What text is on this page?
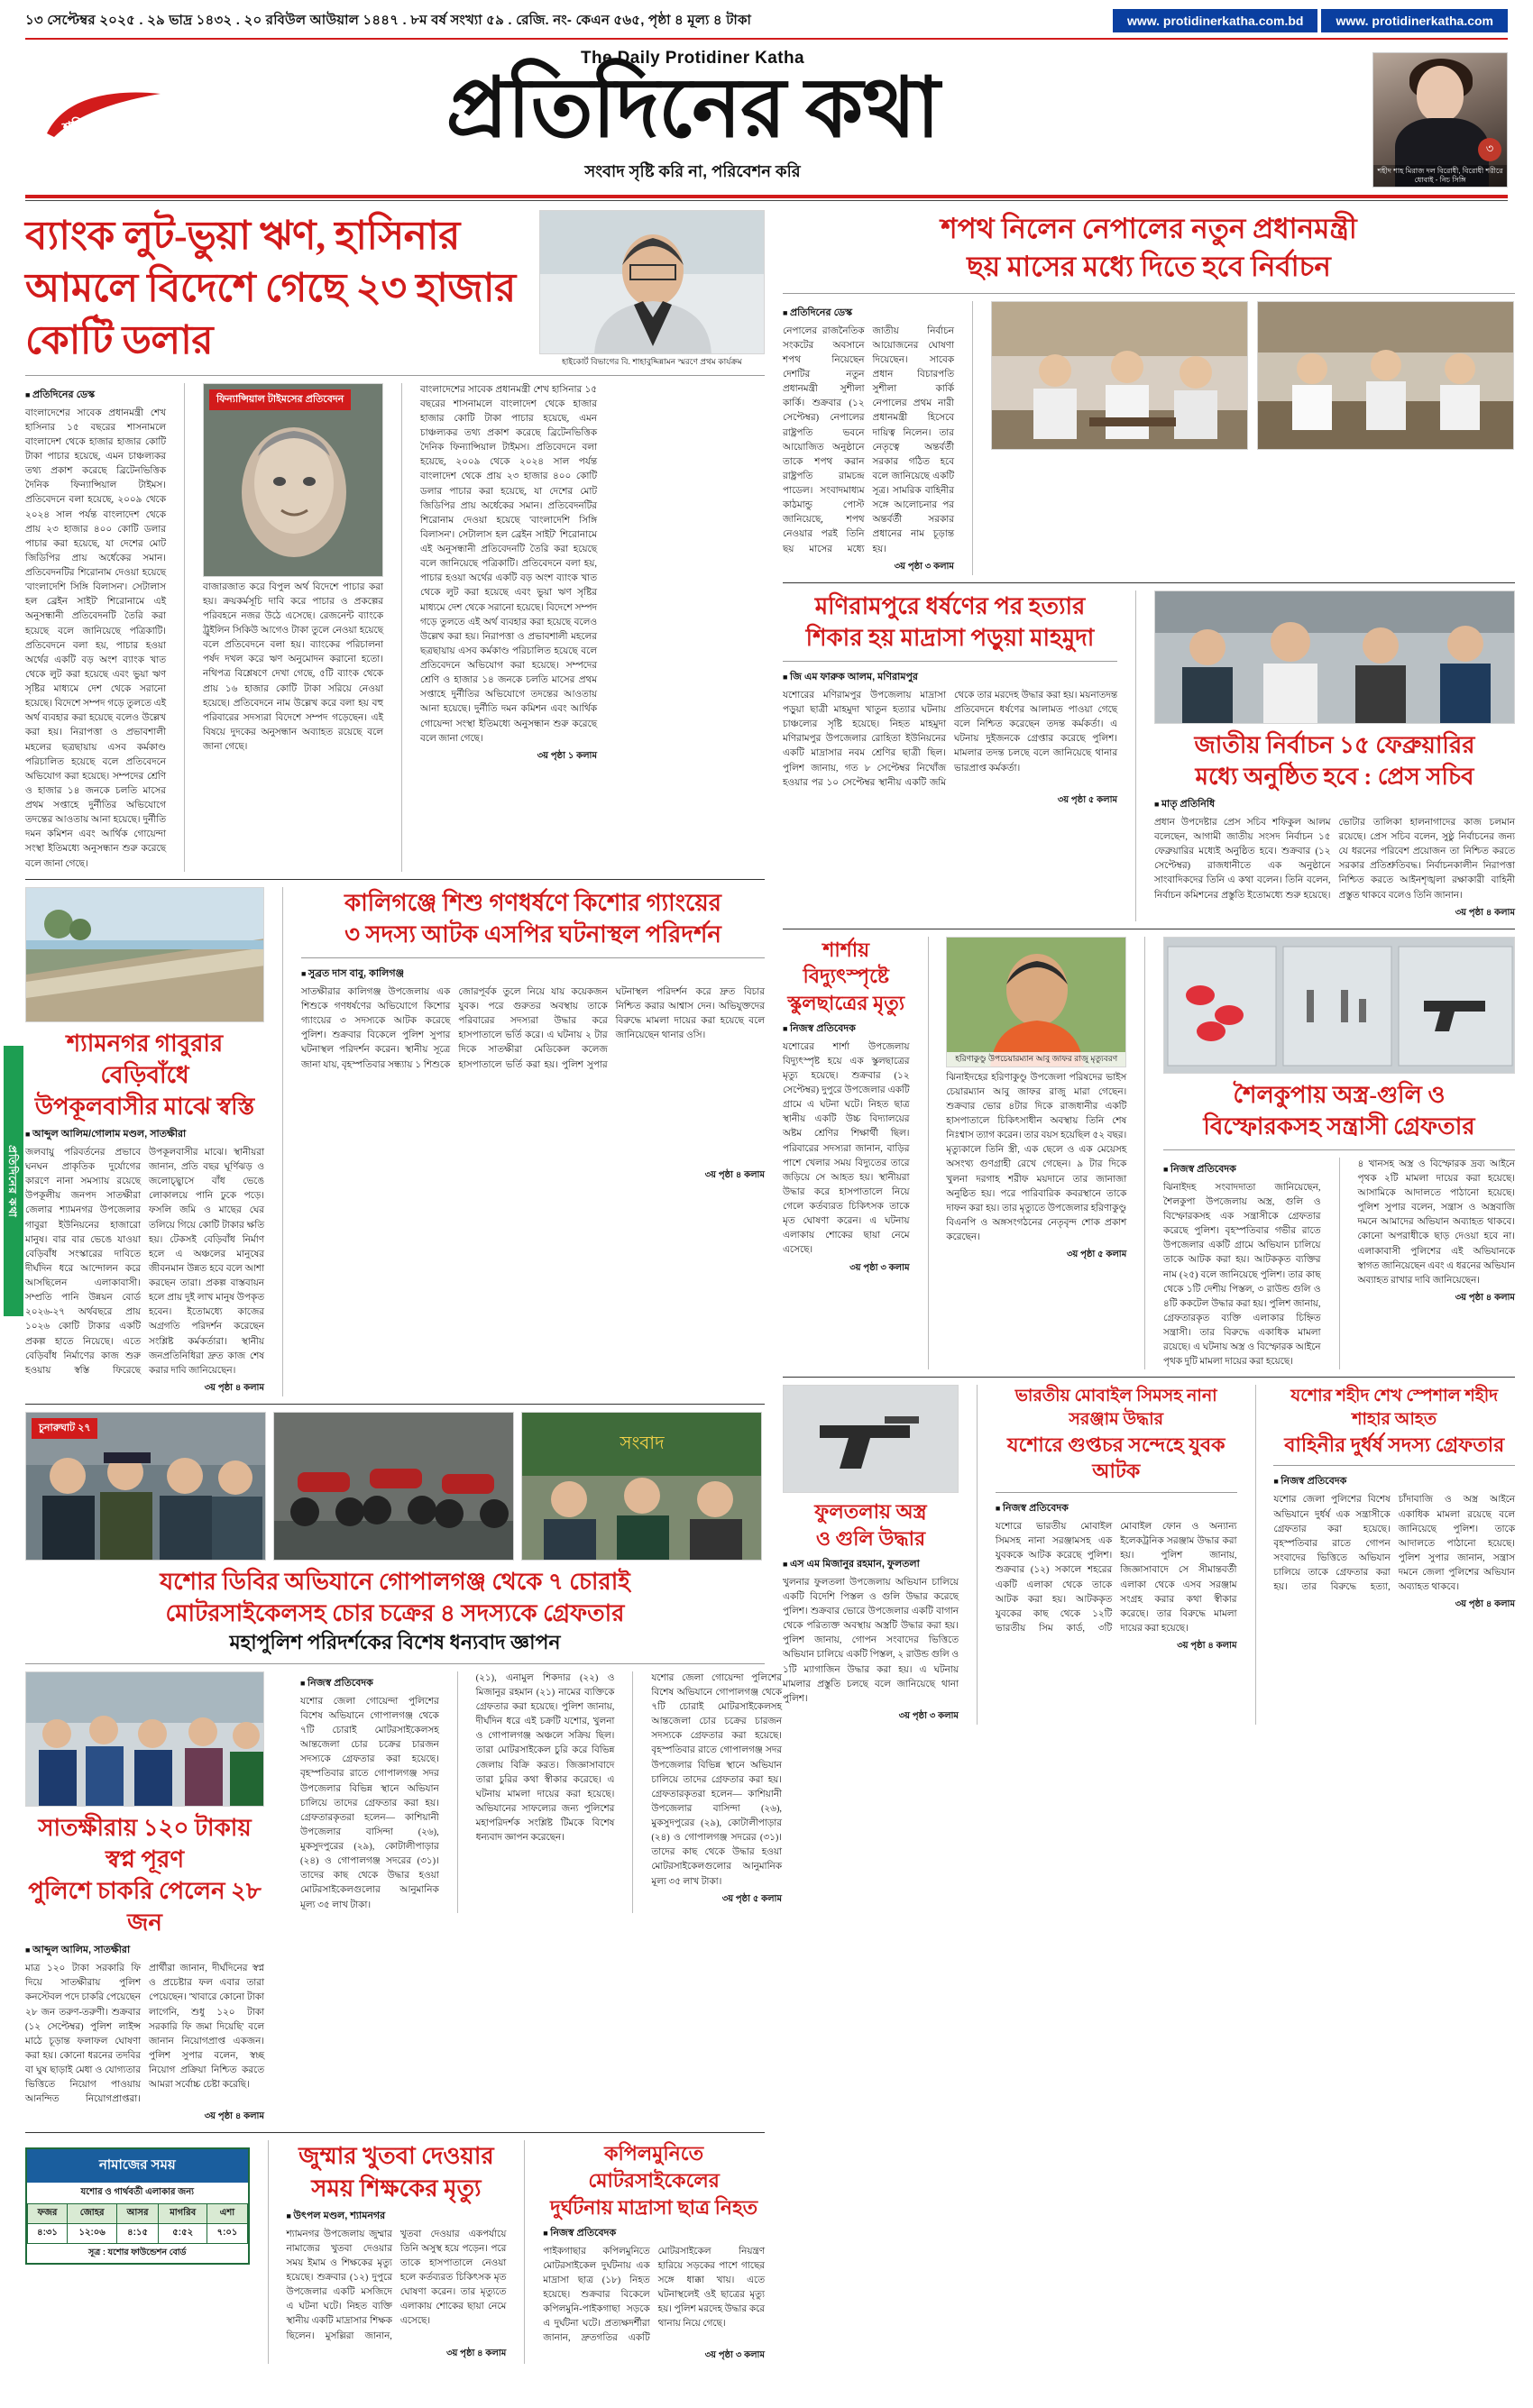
১৩ সেপ্টেম্বর ২০২৫ . ২৯ ভাদ্র ১৪৩২ . ২০ রবিউল আউয়াল ১৪৪৭ . ৮ম বর্ষ সংখ্যা ৫৯ . রেজি. নং- কেএন ৫৬৫, পৃষ্ঠা ৪ মূল্য ৪ টাকা	www. protidinerkatha.com.bd	www. protidinerkatha.com
The Daily Protidiner Katha
শনিবার	প্রতিদিনের কথা
সংবাদ সৃষ্টি করি না, পরিবেশন করি
৩
শহীদ শাহ মিরাজ দল বিরোধী, বিরোধী শরীরে ধোবাই - নিচ সিঙ্গি
প্রতিদিনের কথা
ব্যাংক লুট-ভুয়া ঋণ, হাসিনার আমলে বিদেশে গেছে ২৩ হাজার কোটি ডলার	হাইকোর্ট বিভাগের বি. শাহাবুদ্দিন্নামন স্মরণে প্রথম কার্যক্রম
■ প্রতিদিনের ডেস্ক
বাংলাদেশের সাবেক প্রধানমন্ত্রী শেখ হাসিনার ১৫ বছরের শাসনামলে বাংলাদেশ থেকে হাজার হাজার কোটি টাকা পাচার হয়েছে, এমন চাঞ্চল্যকর তথ্য প্রকাশ করেছে ব্রিটেনভিত্তিক দৈনিক ফিন্যান্সিয়াল টাইমস। প্রতিবেদনে বলা হয়েছে, ২০০৯ থেকে ২০২৪ সাল পর্যন্ত বাংলাদেশ থেকে প্রায় ২৩ হাজার ৪০০ কোটি ডলার পাচার করা হয়েছে, যা দেশের মোট জিডিপির প্রায় অর্ধেকের সমান। প্রতিবেদনটির শিরোনাম দেওয়া হয়েছে 'বাংলাদেশি সিঙ্গি বিলাসন'। সেটালাস হল ব্রেইন সাইট' শিরোনামে এই অনুসন্ধানী প্রতিবেদনটি তৈরি করা হয়েছে বলে জানিয়েছে পত্রিকাটি। প্রতিবেদনে বলা হয়, পাচার হওয়া অর্থের একটি বড় অংশ ব্যাংক খাত থেকে লুট করা হয়েছে এবং ভুয়া ঋণ সৃষ্টির মাধ্যমে দেশ থেকে সরানো হয়েছে। বিদেশে সম্পদ গড়ে তুলতে এই অর্থ ব্যবহার করা হয়েছে বলেও উল্লেখ করা হয়। নিরাপত্তা ও প্রভাবশালী মহলের ছত্রছায়ায় এসব কর্মকাণ্ড পরিচালিত হয়েছে বলে প্রতিবেদনে অভিযোগ করা হয়েছে। সম্পদের শ্রেণি ও হাজার ১৪ জনকে চলতি মাসের প্রথম সপ্তাহে দুর্নীতির অভিযোগে তদন্তের আওতায় আনা হয়েছে। দুর্নীতি দমন কমিশন এবং আর্থিক গোয়েন্দা সংস্থা ইতিমধ্যে অনুসন্ধান শুরু করেছে বলে জানা গেছে।
ফিন্যান্সিয়াল টাইমসের প্রতিবেদন
বাজারজাত করে বিপুল অর্থ বিদেশে পাচার করা হয়। ক্রয়কর্মসূচি দাবি করে পাচার ও প্রকল্পের পরিবহনে নজর উঠে এসেছে। রেজনেন্ট ব্যাংকে ট্রুইলিন সিকিউ আগেও টাকা তুলে নেওয়া হয়েছে বলে প্রতিবেদনে বলা হয়। ব্যাংকের পরিচালনা পর্ষদ দখল করে ঋণ অনুমোদন করানো হতো। নথিপত্র বিশ্লেষণে দেখা গেছে, ৫টি ব্যাংক থেকে প্রায় ১৬ হাজার কোটি টাকা সরিয়ে নেওয়া হয়েছে। প্রতিবেদনে নাম উল্লেখ করে বলা হয় বহু পরিবারের সদস্যরা বিদেশে সম্পদ গড়েছেন। এই বিষয়ে দুদকের অনুসন্ধান অব্যাহত রয়েছে বলে জানা গেছে।
বাংলাদেশের সাবেক প্রধানমন্ত্রী শেখ হাসিনার ১৫ বছরের শাসনামলে বাংলাদেশ থেকে হাজার হাজার কোটি টাকা পাচার হয়েছে, এমন চাঞ্চল্যকর তথ্য প্রকাশ করেছে ব্রিটেনভিত্তিক দৈনিক ফিন্যান্সিয়াল টাইমস। প্রতিবেদনে বলা হয়েছে, ২০০৯ থেকে ২০২৪ সাল পর্যন্ত বাংলাদেশ থেকে প্রায় ২৩ হাজার ৪০০ কোটি ডলার পাচার করা হয়েছে, যা দেশের মোট জিডিপির প্রায় অর্ধেকের সমান। প্রতিবেদনটির শিরোনাম দেওয়া হয়েছে 'বাংলাদেশি সিঙ্গি বিলাসন'। সেটালাস হল ব্রেইন সাইট' শিরোনামে এই অনুসন্ধানী প্রতিবেদনটি তৈরি করা হয়েছে বলে জানিয়েছে পত্রিকাটি। প্রতিবেদনে বলা হয়, পাচার হওয়া অর্থের একটি বড় অংশ ব্যাংক খাত থেকে লুট করা হয়েছে এবং ভুয়া ঋণ সৃষ্টির মাধ্যমে দেশ থেকে সরানো হয়েছে। বিদেশে সম্পদ গড়ে তুলতে এই অর্থ ব্যবহার করা হয়েছে বলেও উল্লেখ করা হয়। নিরাপত্তা ও প্রভাবশালী মহলের ছত্রছায়ায় এসব কর্মকাণ্ড পরিচালিত হয়েছে বলে প্রতিবেদনে অভিযোগ করা হয়েছে। সম্পদের শ্রেণি ও হাজার ১৪ জনকে চলতি মাসের প্রথম সপ্তাহে দুর্নীতির অভিযোগে তদন্তের আওতায় আনা হয়েছে। দুর্নীতি দমন কমিশন এবং আর্থিক গোয়েন্দা সংস্থা ইতিমধ্যে অনুসন্ধান শুরু করেছে বলে জানা গেছে।
৩য় পৃষ্ঠা ১ কলাম
শ্যামনগর গাবুরার বেড়িবাঁধে
উপকূলবাসীর মাঝে স্বস্তি
■ আব্দুল আলিম/গোলাম মণ্ডল, সাতক্ষীরা
জলবায়ু পরিবর্তনের প্রভাবে ঘনঘন প্রাকৃতিক দুর্যোগের কারণে নানা সমস্যায় রয়েছে উপকূলীয় জনপদ সাতক্ষীরা জেলার শ্যামনগর উপজেলার গাবুরা ইউনিয়নের হাজারো মানুষ। বার বার ভেঙে যাওয়া বেড়িবাঁধ সংস্কারের দাবিতে দীর্ঘদিন ধরে আন্দোলন করে আসছিলেন এলাকাবাসী। সম্প্রতি পানি উন্নয়ন বোর্ড ২০২৬-২৭ অর্থবছরে প্রায় ১০২৬ কোটি টাকার একটি প্রকল্প হাতে নিয়েছে। এতে বেড়িবাঁধ নির্মাণের কাজ শুরু হওয়ায় স্বস্তি ফিরেছে উপকূলবাসীর মাঝে। স্থানীয়রা জানান, প্রতি বছর ঘূর্ণিঝড় ও জলোচ্ছ্বাসে বাঁধ ভেঙে লোকালয়ে পানি ঢুকে পড়ে। ফসলি জমি ও মাছের ঘের তলিয়ে গিয়ে কোটি টাকার ক্ষতি হয়। টেকসই বেড়িবাঁধ নির্মাণ হলে এ অঞ্চলের মানুষের জীবনমান উন্নত হবে বলে আশা করছেন তারা। প্রকল্প বাস্তবায়ন হলে প্রায় দুই লাখ মানুষ উপকৃত হবেন। ইতোমধ্যে কাজের অগ্রগতি পরিদর্শন করেছেন সংশ্লিষ্ট কর্মকর্তারা। স্থানীয় জনপ্রতিনিধিরা দ্রুত কাজ শেষ করার দাবি জানিয়েছেন।
৩য় পৃষ্ঠা ৪ কলাম
কালিগঞ্জে শিশু গণধর্ষণে কিশোর গ্যাংয়ের
৩ সদস্য আটক এসপির ঘটনাস্থল পরিদর্শন
■ সুব্রত দাস বাবু, কালিগঞ্জ
সাতক্ষীরার কালিগঞ্জ উপজেলায় এক শিশুকে গণধর্ষণের অভিযোগে কিশোর গ্যাংয়ের ৩ সদস্যকে আটক করেছে পুলিশ। শুক্রবার বিকেলে পুলিশ সুপার ঘটনাস্থল পরিদর্শন করেন। স্থানীয় সূত্রে জানা যায়, বৃহস্পতিবার সন্ধ্যায় ১ শিশুকে জোরপূর্বক তুলে নিয়ে যায় কয়েকজন যুবক। পরে গুরুতর অবস্থায় তাকে পরিবারের সদস্যরা উদ্ধার করে হাসপাতালে ভর্তি করে। এ ঘটনায় ২ টার দিকে সাতক্ষীরা মেডিকেল কলেজ হাসপাতালে ভর্তি করা হয়। পুলিশ সুপার ঘটনাস্থল পরিদর্শন করে দ্রুত বিচার নিশ্চিত করার আশ্বাস দেন। অভিযুক্তদের বিরুদ্ধে মামলা দায়ের করা হয়েছে বলে জানিয়েছেন থানার ওসি।
৩য় পৃষ্ঠা ৪ কলাম
চুনারুঘাট ২৭
সংবাদ
যশোর ডিবির অভিযানে গোপালগঞ্জ থেকে ৭ চোরাই
মোটরসাইকেলসহ চোর চক্রের ৪ সদস্যকে গ্রেফতার
মহাপুলিশ পরিদর্শকের বিশেষ ধন্যবাদ জ্ঞাপন
সাতক্ষীরায় ১২০ টাকায় স্বপ্ন পূরণ
পুলিশে চাকরি পেলেন ২৮ জন
■ আব্দুল আলিম, সাতক্ষীরা
মাত্র ১২০ টাকা সরকারি ফি দিয়ে সাতক্ষীরায় পুলিশ কনস্টেবল পদে চাকরি পেয়েছেন ২৮ জন তরুণ-তরুণী। শুক্রবার (১২ সেপ্টেম্বর) পুলিশ লাইন্স মাঠে চূড়ান্ত ফলাফল ঘোষণা করা হয়। কোনো ধরনের তদবির বা ঘুষ ছাড়াই মেধা ও যোগ্যতার ভিত্তিতে নিয়োগ পাওয়ায় আনন্দিত নিয়োগপ্রাপ্তরা। প্রার্থীরা জানান, দীর্ঘদিনের স্বপ্ন ও প্রচেষ্টার ফল এবার তারা পেয়েছেন। 'খাবারে কোনো টাকা লাগেনি, শুধু ১২০ টাকা সরকারি ফি জমা দিয়েছি' বলে জানান নিয়োগপ্রাপ্ত একজন। পুলিশ সুপার বলেন, স্বচ্ছ নিয়োগ প্রক্রিয়া নিশ্চিত করতে আমরা সর্বোচ্চ চেষ্টা করেছি।
৩য় পৃষ্ঠা ৪ কলাম
■ নিজস্ব প্রতিবেদক
যশোর জেলা গোয়েন্দা পুলিশের বিশেষ অভিযানে গোপালগঞ্জ থেকে ৭টি চোরাই মোটরসাইকেলসহ আন্তজেলা চোর চক্রের চারজন সদস্যকে গ্রেফতার করা হয়েছে। বৃহস্পতিবার রাতে গোপালগঞ্জ সদর উপজেলার বিভিন্ন স্থানে অভিযান চালিয়ে তাদের গ্রেফতার করা হয়। গ্রেফতারকৃতরা হলেন— কাশিয়ানী উপজেলার বাসিন্দা (২৬), মুকসুদপুরের (২৯), কোটালীপাড়ার (২৪) ও গোপালগঞ্জ সদরের (৩১)। তাদের কাছ থেকে উদ্ধার হওয়া মোটরসাইকেলগুলোর আনুমানিক মূল্য ৩৫ লাখ টাকা।
(২১), এনামুল শিকদার (২২) ও মিজানুর রহমান (২১) নামের ব্যক্তিকে গ্রেফতার করা হয়েছে। পুলিশ জানায়, দীর্ঘদিন ধরে এই চক্রটি যশোর, খুলনা ও গোপালগঞ্জ অঞ্চলে সক্রিয় ছিল। তারা মোটরসাইকেল চুরি করে বিভিন্ন জেলায় বিক্রি করত। জিজ্ঞাসাবাদে তারা চুরির কথা স্বীকার করেছে। এ ঘটনায় মামলা দায়ের করা হয়েছে। অভিযানের সাফল্যের জন্য পুলিশের মহাপরিদর্শক সংশ্লিষ্ট টিমকে বিশেষ ধন্যবাদ জ্ঞাপন করেছেন।
যশোর জেলা গোয়েন্দা পুলিশের বিশেষ অভিযানে গোপালগঞ্জ থেকে ৭টি চোরাই মোটরসাইকেলসহ আন্তজেলা চোর চক্রের চারজন সদস্যকে গ্রেফতার করা হয়েছে। বৃহস্পতিবার রাতে গোপালগঞ্জ সদর উপজেলার বিভিন্ন স্থানে অভিযান চালিয়ে তাদের গ্রেফতার করা হয়। গ্রেফতারকৃতরা হলেন— কাশিয়ানী উপজেলার বাসিন্দা (২৬), মুকসুদপুরের (২৯), কোটালীপাড়ার (২৪) ও গোপালগঞ্জ সদরের (৩১)। তাদের কাছ থেকে উদ্ধার হওয়া মোটরসাইকেলগুলোর আনুমানিক মূল্য ৩৫ লাখ টাকা।
৩য় পৃষ্ঠা ৫ কলাম
নামাজের সময়
যশোর ও গার্থবর্তী এলাকার জন্য
ফজর	জোহর	আসর	মাগরিব	এশা
৪:৩১	১২:০৬	৪:১৫	৫:৫২	৭:০১
সূত্র : যশোর ফাউন্ডেশন বোর্ড
জুম্মার খুতবা দেওয়ার
সময় শিক্ষকের মৃত্যু
■ উৎপল মণ্ডল, শ্যামনগর
শ্যামনগর উপজেলায় জুম্মার নামাজের খুতবা দেওয়ার সময় ইমাম ও শিক্ষকের মৃত্যু হয়েছে। শুক্রবার (১২) দুপুরে উপজেলার একটি মসজিদে এ ঘটনা ঘটে। নিহত ব্যক্তি স্থানীয় একটি মাদ্রাসার শিক্ষক ছিলেন। মুসল্লিরা জানান, খুতবা দেওয়ার একপর্যায়ে তিনি অসুস্থ হয়ে পড়েন। পরে তাকে হাসপাতালে নেওয়া হলে কর্তব্যরত চিকিৎসক মৃত ঘোষণা করেন। তার মৃত্যুতে এলাকায় শোকের ছায়া নেমে এসেছে।
৩য় পৃষ্ঠা ৪ কলাম
কপিলমুনিতে মোটরসাইকেলের
দুর্ঘটনায় মাদ্রাসা ছাত্র নিহত
■ নিজস্ব প্রতিবেদক
পাইকগাছার কপিলমুনিতে মোটরসাইকেল দুর্ঘটনায় এক মাদ্রাসা ছাত্র (১৮) নিহত হয়েছে। শুক্রবার বিকেলে কপিলমুনি-পাইকগাছা সড়কে এ দুর্ঘটনা ঘটে। প্রত্যক্ষদর্শীরা জানান, দ্রুতগতির একটি মোটরসাইকেল নিয়ন্ত্রণ হারিয়ে সড়কের পাশে গাছের সঙ্গে ধাক্কা খায়। এতে ঘটনাস্থলেই ওই ছাত্রের মৃত্যু হয়। পুলিশ মরদেহ উদ্ধার করে থানায় নিয়ে গেছে।
৩য় পৃষ্ঠা ৩ কলাম
শপথ নিলেন নেপালের নতুন প্রধানমন্ত্রী
ছয় মাসের মধ্যে দিতে হবে নির্বাচন
■ প্রতিদিনের ডেস্ক
নেপালের রাজনৈতিক সংকটের অবসানে শপথ নিয়েছেন দেশটির নতুন প্রধানমন্ত্রী সুশীলা কার্কি। শুক্রবার (১২ সেপ্টেম্বর) নেপালের রাষ্ট্রপতি ভবনে আয়োজিত অনুষ্ঠানে তাকে শপথ করান রাষ্ট্রপতি রামচন্দ্র পাডেল। সংবাদমাধ্যম কাঠমান্ডু পোস্ট জানিয়েছে, শপথ নেওয়ার পরই তিনি ছয় মাসের মধ্যে জাতীয় নির্বাচন আয়োজনের ঘোষণা দিয়েছেন। সাবেক প্রধান বিচারপতি সুশীলা কার্কি নেপালের প্রথম নারী প্রধানমন্ত্রী হিসেবে দায়িত্ব নিলেন। তার নেতৃত্বে অন্তর্বর্তী সরকার গঠিত হবে বলে জানিয়েছে একটি সূত্র। সামরিক বাহিনীর সঙ্গে আলোচনার পর অন্তর্বর্তী সরকার প্রধানের নাম চূড়ান্ত হয়।
৩য় পৃষ্ঠা ৩ কলাম
মণিরামপুরে ধর্ষণের পর হত্যার
শিকার হয় মাদ্রাসা পড়ুয়া মাহমুদা
■ জি এম ফারুক আলম, মণিরামপুর
যশোরের মণিরামপুর উপজেলায় মাদ্রাসা পড়ুয়া ছাত্রী মাহমুদা খাতুন হত্যার ঘটনায় চাঞ্চল্যের সৃষ্টি হয়েছে। নিহত মাহমুদা মণিরামপুর উপজেলার রোহিতা ইউনিয়নের একটি মাদ্রাসার নবম শ্রেণির ছাত্রী ছিল। পুলিশ জানায়, গত ৮ সেপ্টেম্বর নিখোঁজ হওয়ার পর ১০ সেপ্টেম্বর স্থানীয় একটি জমি থেকে তার মরদেহ উদ্ধার করা হয়। ময়নাতদন্ত প্রতিবেদনে ধর্ষণের আলামত পাওয়া গেছে বলে নিশ্চিত করেছেন তদন্ত কর্মকর্তা। এ ঘটনায় দুইজনকে গ্রেপ্তার করেছে পুলিশ। মামলার তদন্ত চলছে বলে জানিয়েছে থানার ভারপ্রাপ্ত কর্মকর্তা।
৩য় পৃষ্ঠা ৫ কলাম
জাতীয় নির্বাচন ১৫ ফেব্রুয়ারির
মধ্যে অনুষ্ঠিত হবে : প্রেস সচিব
■ মাতৃ প্রতিনিধি
প্রধান উপদেষ্টার প্রেস সচিব শফিকুল আলম বলেছেন, আগামী জাতীয় সংসদ নির্বাচন ১৫ ফেব্রুয়ারির মধ্যেই অনুষ্ঠিত হবে। শুক্রবার (১২ সেপ্টেম্বর) রাজধানীতে এক অনুষ্ঠানে সাংবাদিকদের তিনি এ কথা বলেন। তিনি বলেন, নির্বাচন কমিশনের প্রস্তুতি ইতোমধ্যে শুরু হয়েছে। ভোটার তালিকা হালনাগাদের কাজ চলমান রয়েছে। প্রেস সচিব বলেন, সুষ্ঠু নির্বাচনের জন্য যে ধরনের পরিবেশ প্রয়োজন তা নিশ্চিত করতে সরকার প্রতিশ্রুতিবদ্ধ। নির্বাচনকালীন নিরাপত্তা নিশ্চিত করতে আইনশৃঙ্খলা রক্ষাকারী বাহিনী প্রস্তুত থাকবে বলেও তিনি জানান।
৩য় পৃষ্ঠা ৪ কলাম
শার্শায় বিদ্যুৎস্পৃষ্টে
স্কুলছাত্রের মৃত্যু
■ নিজস্ব প্রতিবেদক
যশোরের শার্শা উপজেলায় বিদ্যুৎস্পৃষ্ট হয়ে এক স্কুলছাত্রের মৃত্যু হয়েছে। শুক্রবার (১২ সেপ্টেম্বর) দুপুরে উপজেলার একটি গ্রামে এ ঘটনা ঘটে। নিহত ছাত্র স্থানীয় একটি উচ্চ বিদ্যালয়ের অষ্টম শ্রেণির শিক্ষার্থী ছিল। পরিবারের সদস্যরা জানান, বাড়ির পাশে খেলার সময় বিদ্যুতের তারে জড়িয়ে সে আহত হয়। স্থানীয়রা উদ্ধার করে হাসপাতালে নিয়ে গেলে কর্তব্যরত চিকিৎসক তাকে মৃত ঘোষণা করেন। এ ঘটনায় এলাকায় শোকের ছায়া নেমে এসেছে।
৩য় পৃষ্ঠা ৩ কলাম
হরিণাকুণ্ডু উপচেয়ারম্যান আবু জাফর রাজু মৃত্যুবরণ
ঝিনাইদহের হরিণাকুণ্ডু উপজেলা পরিষদের ভাইস চেয়ারম্যান আবু জাফর রাজু মারা গেছেন। শুক্রবার ভোর ৪টার দিকে রাজধানীর একটি হাসপাতালে চিকিৎসাধীন অবস্থায় তিনি শেষ নিঃশ্বাস ত্যাগ করেন। তার বয়স হয়েছিল ৫২ বছর। মৃত্যুকালে তিনি স্ত্রী, এক ছেলে ও এক মেয়েসহ অসংখ্য গুণগ্রাহী রেখে গেছেন। ৯ টার দিকে খুলনা দরগাহ শরীফ ময়দানে তার জানাজা অনুষ্ঠিত হয়। পরে পারিবারিক কবরস্থানে তাকে দাফন করা হয়। তার মৃত্যুতে উপজেলার হরিণাকুণ্ডু বিএনপি ও অঙ্গসংগঠনের নেতৃবৃন্দ শোক প্রকাশ করেছেন।
৩য় পৃষ্ঠা ৫ কলাম
শৈলকুপায় অস্ত্র-গুলি ও
বিস্ফোরকসহ সন্ত্রাসী গ্রেফতার
■ নিজস্ব প্রতিবেদক
ঝিনাইদহ সংবাদদাতা জানিয়েছেন, শৈলকুপা উপজেলায় অস্ত্র, গুলি ও বিস্ফোরকসহ এক সন্ত্রাসীকে গ্রেফতার করেছে পুলিশ। বৃহস্পতিবার গভীর রাতে উপজেলার একটি গ্রামে অভিযান চালিয়ে তাকে আটক করা হয়। আটককৃত ব্যক্তির নাম (২৫) বলে জানিয়েছে পুলিশ। তার কাছ থেকে ১টি দেশীয় পিস্তল, ৩ রাউন্ড গুলি ও ৪টি ককটেল উদ্ধার করা হয়। পুলিশ জানায়, গ্রেফতারকৃত ব্যক্তি এলাকার চিহ্নিত সন্ত্রাসী। তার বিরুদ্ধে একাধিক মামলা রয়েছে। এ ঘটনায় অস্ত্র ও বিস্ফোরক আইনে পৃথক দুটি মামলা দায়ের করা হয়েছে।
৪ খানসহ অস্ত্র ও বিস্ফোরক দ্রব্য আইনে পৃথক ২টি মামলা দায়ের করা হয়েছে। আসামিকে আদালতে পাঠানো হয়েছে। পুলিশ সুপার বলেন, সন্ত্রাস ও অস্ত্রবাজি দমনে আমাদের অভিযান অব্যাহত থাকবে। কোনো অপরাধীকে ছাড় দেওয়া হবে না। এলাকাবাসী পুলিশের এই অভিযানকে স্বাগত জানিয়েছেন এবং এ ধরনের অভিযান অব্যাহত রাখার দাবি জানিয়েছেন।
৩য় পৃষ্ঠা ৪ কলাম
ফুলতলায় অস্ত্র
ও গুলি উদ্ধার
■ এস এম মিজানুর রহমান, ফুলতলা
খুলনার ফুলতলা উপজেলায় অভিযান চালিয়ে একটি বিদেশি পিস্তল ও গুলি উদ্ধার করেছে পুলিশ। শুক্রবার ভোরে উপজেলার একটি বাগান থেকে পরিত্যক্ত অবস্থায় অস্ত্রটি উদ্ধার করা হয়। পুলিশ জানায়, গোপন সংবাদের ভিত্তিতে অভিযান চালিয়ে একটি পিস্তল, ২ রাউন্ড গুলি ও ১টি ম্যাগাজিন উদ্ধার করা হয়। এ ঘটনায় মামলার প্রস্তুতি চলছে বলে জানিয়েছে থানা পুলিশ।
৩য় পৃষ্ঠা ৩ কলাম
ভারতীয় মোবাইল সিমসহ নানা সরঞ্জাম উদ্ধার
যশোরে গুপ্তচর সন্দেহে যুবক আটক
■ নিজস্ব প্রতিবেদক
যশোরে ভারতীয় মোবাইল সিমসহ নানা সরঞ্জামসহ এক যুবককে আটক করেছে পুলিশ। শুক্রবার (১২) সকালে শহরের একটি এলাকা থেকে তাকে আটক করা হয়। আটককৃত যুবকের কাছ থেকে ১২টি ভারতীয় সিম কার্ড, ৩টি মোবাইল ফোন ও অন্যান্য ইলেকট্রনিক সরঞ্জাম উদ্ধার করা হয়। পুলিশ জানায়, জিজ্ঞাসাবাদে সে সীমান্তবর্তী এলাকা থেকে এসব সরঞ্জাম সংগ্রহ করার কথা স্বীকার করেছে। তার বিরুদ্ধে মামলা দায়ের করা হয়েছে।
৩য় পৃষ্ঠা ৪ কলাম
যশোর শহীদ শেখ স্পেশাল শহীদ শাহার আহত
বাহিনীর দুর্ধর্ষ সদস্য গ্রেফতার
■ নিজস্ব প্রতিবেদক
যশোর জেলা পুলিশের বিশেষ অভিযানে দুর্ধর্ষ এক সন্ত্রাসীকে গ্রেফতার করা হয়েছে। বৃহস্পতিবার রাতে গোপন সংবাদের ভিত্তিতে অভিযান চালিয়ে তাকে গ্রেফতার করা হয়। তার বিরুদ্ধে হত্যা, চাঁদাবাজি ও অস্ত্র আইনে একাধিক মামলা রয়েছে বলে জানিয়েছে পুলিশ। তাকে আদালতে পাঠানো হয়েছে। পুলিশ সুপার জানান, সন্ত্রাস দমনে জেলা পুলিশের অভিযান অব্যাহত থাকবে।
৩য় পৃষ্ঠা ৪ কলাম
